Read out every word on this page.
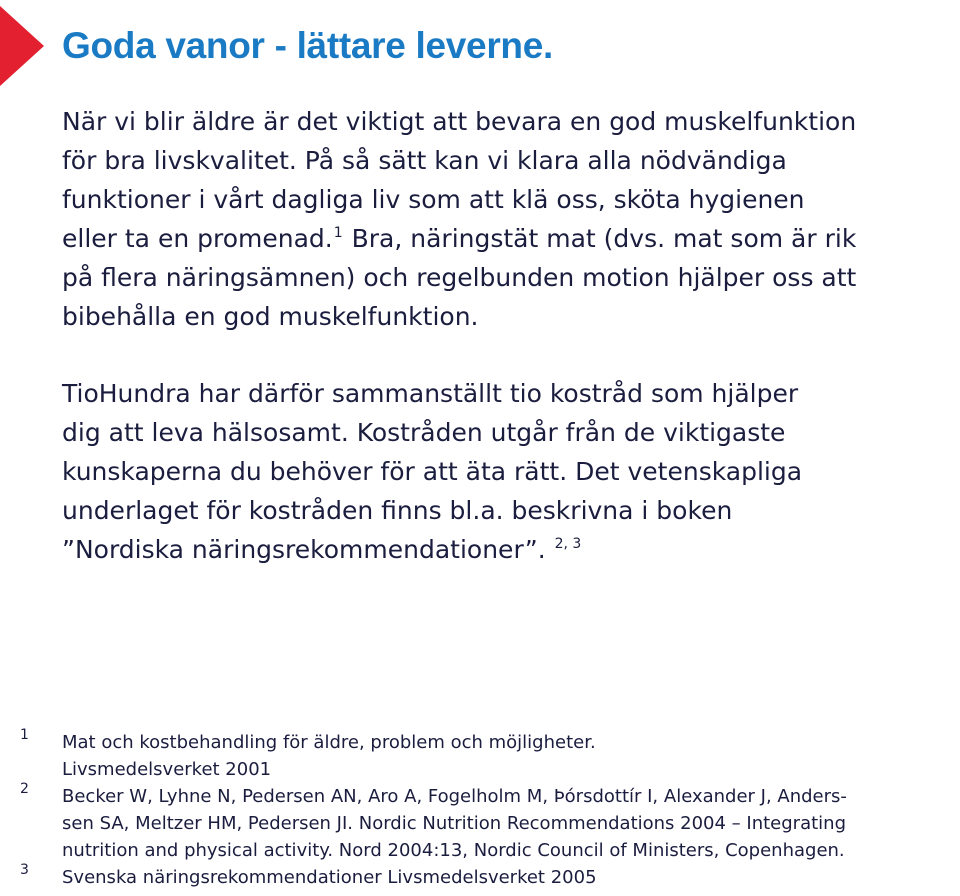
Goda vanor - lättare leverne.
När vi blir äldre är det viktigt att bevara en god muskelfunktion
för bra livskvalitet. På så sätt kan vi klara alla nödvändiga
funktioner i vårt dagliga liv som att klä oss, sköta hygienen
eller ta en promenad.$^1$ Bra, näringstät mat (dvs. mat som är rik
på flera näringsämnen) och regelbunden motion hjälper oss att
bibehålla en god muskelfunktion.
TioHundra har därför sammanställt tio kostråd som hjälper
dig att leva hälsosamt. Kostråden utgår från de viktigaste
kunskaperna du behöver för att äta rätt. Det vetenskapliga
underlaget för kostråden finns bl.a. beskrivna i boken
”Nordiska näringsrekommendationer”. $^{2, 3}$
1 Mat och kostbehandling för äldre, problem och möjligheter.
Livsmedelsverket 2001
2 Becker W, Lyhne N, Pedersen AN, Aro A, Fogelholm M, Þórsdottír I, Alexander J, Anders-
sen SA, Meltzer HM, Pedersen JI. Nordic Nutrition Recommendations 2004 – Integrating
nutrition and physical activity. Nord 2004:13, Nordic Council of Ministers, Copenhagen.
3 Svenska näringsrekommendationer Livsmedelsverket 2005
